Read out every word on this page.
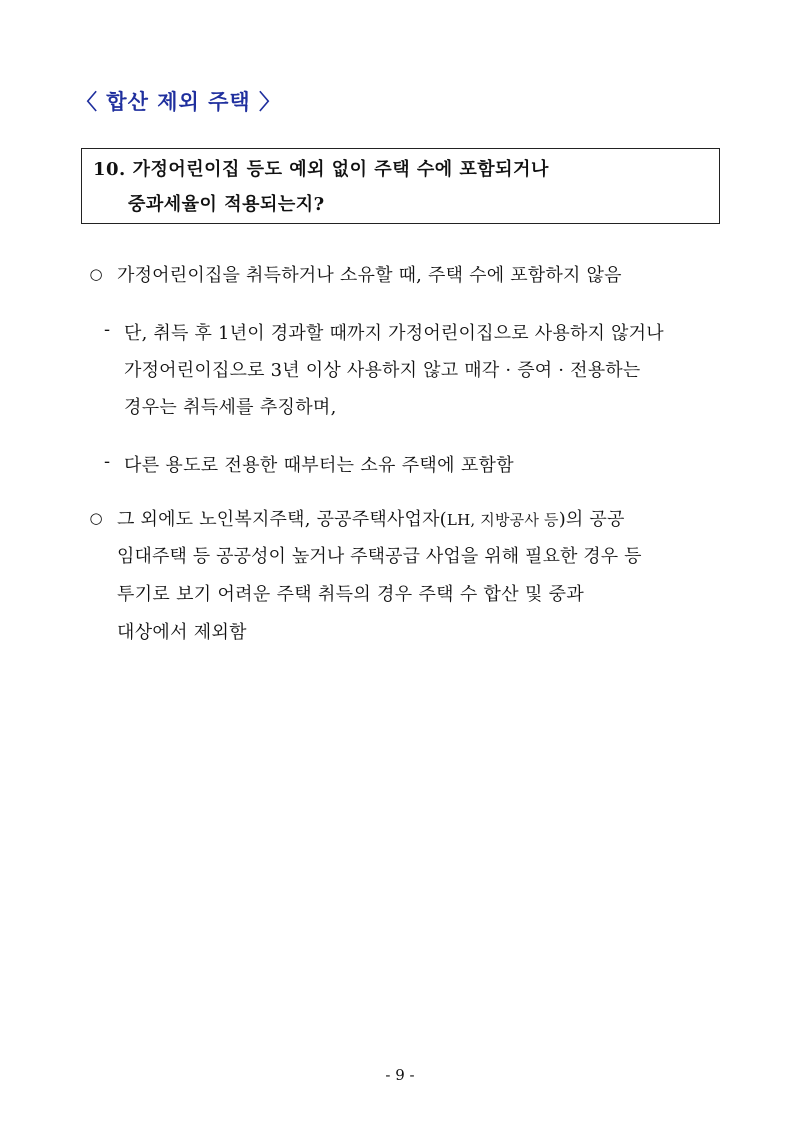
〈 합산 제외 주택 〉
10. 가정어린이집 등도 예외 없이 주택 수에 포함되거나
중과세율이 적용되는지?
○ 가정어린이집을 취득하거나 소유할 때, 주택 수에 포함하지 않음
- 단, 취득 후 1년이 경과할 때까지 가정어린이집으로 사용하지 않거나
가정어린이집으로 3년 이상 사용하지 않고 매각 · 증여 · 전용하는
경우는 취득세를 추징하며,
- 다른 용도로 전용한 때부터는 소유 주택에 포함함
○ 그 외에도 노인복지주택, 공공주택사업자(LH, 지방공사 등)의 공공
임대주택 등 공공성이 높거나 주택공급 사업을 위해 필요한 경우 등
투기로 보기 어려운 주택 취득의 경우 주택 수 합산 및 중과
대상에서 제외함
- 9 -
